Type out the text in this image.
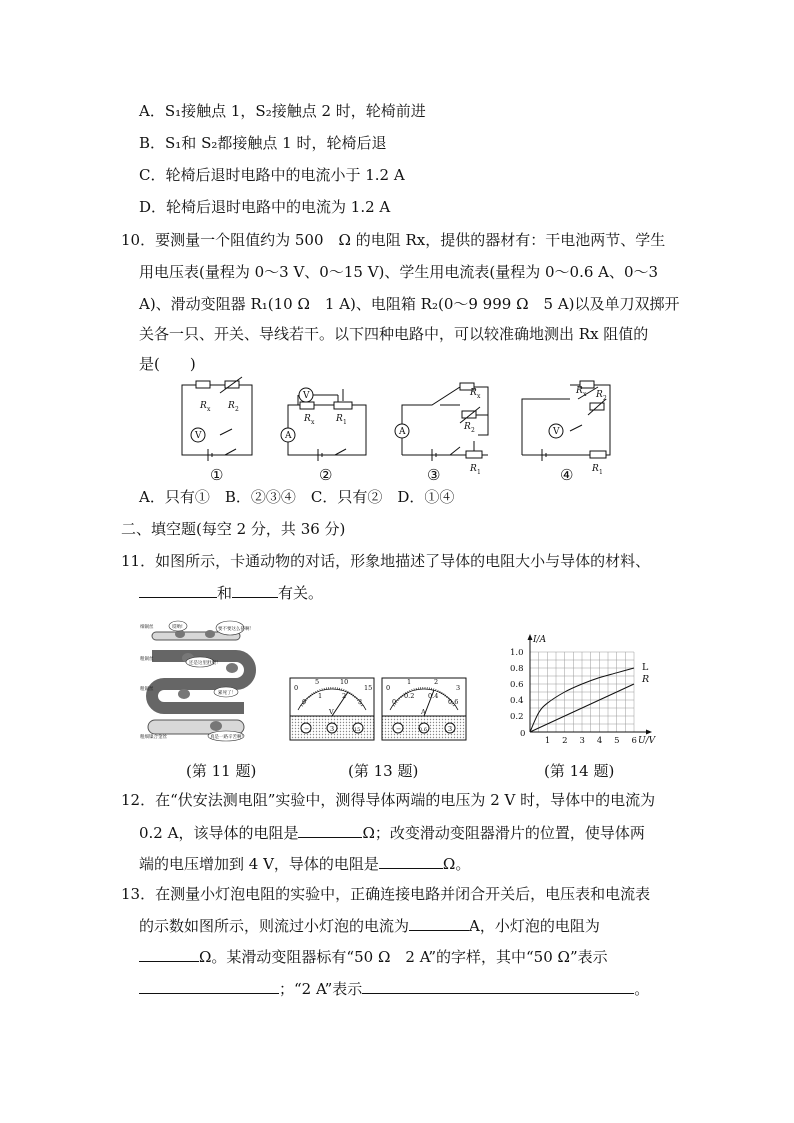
A．S₁接触点 1，S₂接触点 2 时，轮椅前进
B．S₁和 S₂都接触点 1 时，轮椅后退
C．轮椅后退时电路中的电流小于 1.2 A
D．轮椅后退时电路中的电流为 1.2 A
10．要测量一个阻值约为 500　Ω 的电阻 Rx，提供的器材有：干电池两节、学生
用电压表(量程为 0～3 V、0～15 V)、学生用电流表(量程为 0～0.6 A、0～3
A)、滑动变阻器 R₁(10 Ω　1 A)、电阻箱 R₂(0～9 999 Ω　5 A)以及单刀双掷开
关各一只、开关、导线若干。以下四种电路中，可以较准确地测出 Rx 阻值的
是(　　)
R x R 2
V
V
A
R x R 1
A
R x
R 2
R 1
R x R 2
V
R 1
①	②	③	④
A．只有①　B．②③④　C．只有②　D．①④
二、填空题(每空 2 分，共 36 分)
11．如图所示，卡通动物的对话，形象地描述了导体的电阻大小与导体的材料、
和	有关。
细铜丝
粗铜丝
粗铜丝
粗细镍合金丝
哎哟!	要不要这么挤啊！
还是这里舒服！
累死了！
真是一路辛苦啊！
(第 11 题)
0
5	10
15
0
1	2
3
V
−	3	15
0
1	2
3
0
0.2 0.4
0.6
A
−	0.6	3
(第 13 题)
1 2 3 4 5 6
0.2
0.4
0.6
0.8
1.0
0
I/A
U/V
L
R
(第 14 题)
12．在“伏安法测电阻”实验中，测得导体两端的电压为 2 V 时，导体中的电流为
0.2 A，该导体的电阻是	Ω；改变滑动变阻器滑片的位置，使导体两
端的电压增加到 4 V，导体的电阻是	Ω。
13．在测量小灯泡电阻的实验中，正确连接电路并闭合开关后，电压表和电流表
的示数如图所示，则流过小灯泡的电流为	A，小灯泡的电阻为
Ω。某滑动变阻器标有“50 Ω　2 A”的字样，其中“50 Ω”表示
；“2 A”表示	。
